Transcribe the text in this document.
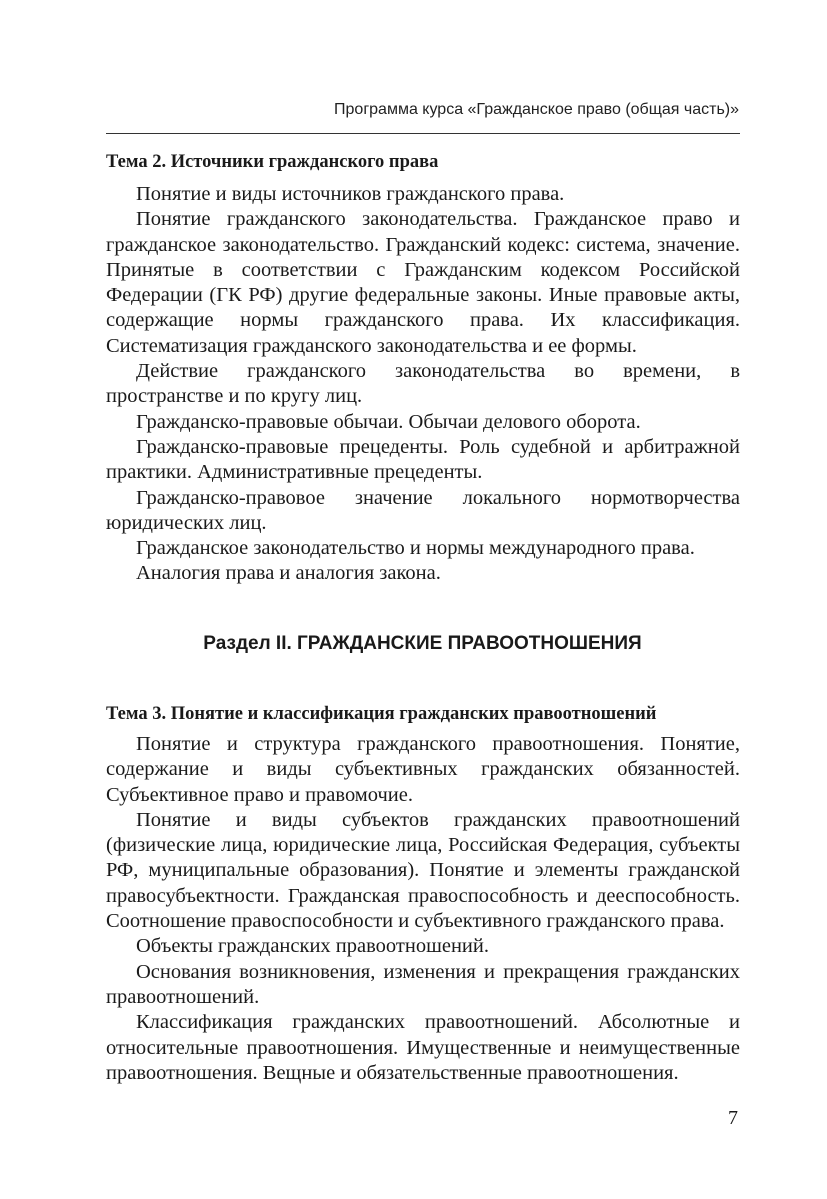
Программа курса «Гражданское право (общая часть)»
Тема 2. Источники гражданского права

Понятие и виды источников гражданского права.

Понятие гражданского законодательства. Гражданское право и гражданское законодательство. Гражданский кодекс: система, значение. Принятые в соответствии с Гражданским кодексом Российской Федерации (ГК РФ) другие федеральные законы. Иные правовые акты, содержащие нормы гражданского права. Их классификация. Систематизация гражданского законодательства и ее формы.

Действие гражданского законодательства во времени, в пространстве и по кругу лиц.

Гражданско-правовые обычаи. Обычаи делового оборота.

Гражданско-правовые прецеденты. Роль судебной и арбитражной практики. Административные прецеденты.

Гражданско-правовое значение локального нормотворчества юридических лиц.

Гражданское законодательство и нормы международного права.

Аналогия права и аналогия закона.

Раздел II. ГРАЖДАНСКИЕ ПРАВООТНОШЕНИЯ
Тема 3. Понятие и классификация гражданских правоотношений

Понятие и структура гражданского правоотношения. Понятие, содержание и виды субъективных гражданских обязанностей. Субъективное право и правомочие.

Понятие и виды субъектов гражданских правоотношений (физические лица, юридические лица, Российская Федерация, субъекты РФ, муниципальные образования). Понятие и элементы гражданской правосубъектности. Гражданская правоспособность и дееспособность. Соотношение правоспособности и субъективного гражданского права.

Объекты гражданских правоотношений.

Основания возникновения, изменения и прекращения гражданских правоотношений.

Классификация гражданских правоотношений. Абсолютные и относительные правоотношения. Имущественные и неимущественные правоотношения. Вещные и обязательственные правоотношения.

7
